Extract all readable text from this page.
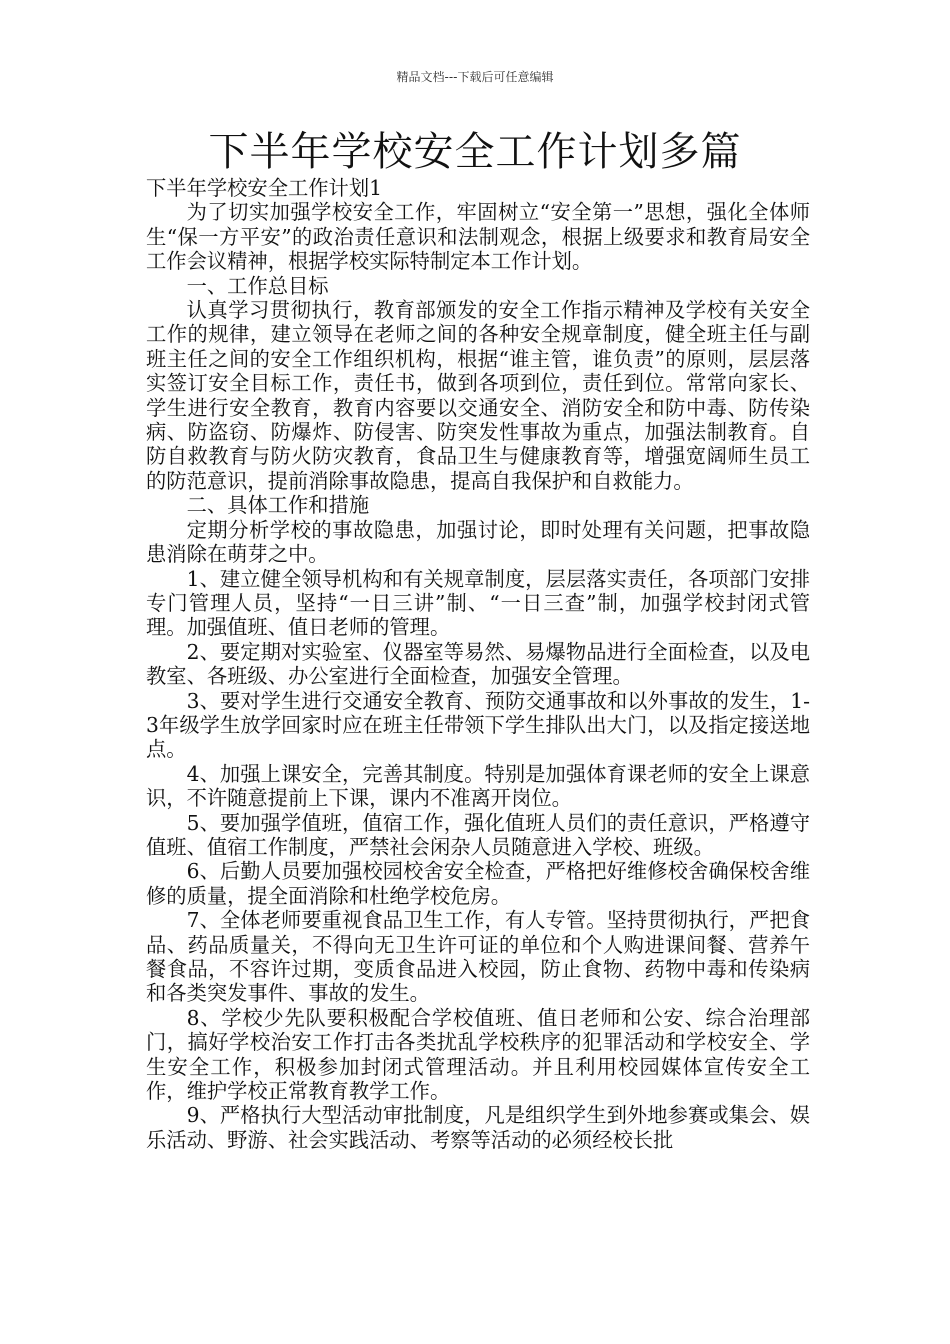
精品文档---下载后可任意编辑
下半年学校安全工作计划多篇

下半年学校安全工作计划1

为了切实加强学校安全工作，牢固树立“安全第一”思想，强化全体师生“保一方平安”的政治责任意识和法制观念，根据上级要求和教育局安全工作会议精神，根据学校实际特制定本工作计划。

一、工作总目标

认真学习贯彻执行，教育部颁发的安全工作指示精神及学校有关安全工作的规律，建立领导在老师之间的各种安全规章制度，健全班主任与副班主任之间的安全工作组织机构，根据“谁主管，谁负责”的原则，层层落实签订安全目标工作，责任书，做到各项到位，责任到位。常常向家长、学生进行安全教育，教育内容要以交通安全、消防安全和防中毒、防传染病、防盗窃、防爆炸、防侵害、防突发性事故为重点，加强法制教育。自防自救教育与防火防灾教育，食品卫生与健康教育等，增强宽阔师生员工的防范意识，提前消除事故隐患，提高自我保护和自救能力。

二、具体工作和措施

定期分析学校的事故隐患，加强讨论，即时处理有关问题，把事故隐患消除在萌芽之中。

1、建立健全领导机构和有关规章制度，层层落实责任，各项部门安排专门管理人员，坚持“一日三讲”制、“一日三查”制，加强学校封闭式管理。加强值班、值日老师的管理。

2、要定期对实验室、仪器室等易然、易爆物品进行全面检查，以及电教室、各班级、办公室进行全面检查，加强安全管理。

3、要对学生进行交通安全教育、预防交通事故和以外事故的发生，1-3年级学生放学回家时应在班主任带领下学生排队出大门，以及指定接送地点。

4、加强上课安全，完善其制度。特别是加强体育课老师的安全上课意识，不许随意提前上下课，课内不准离开岗位。

5、要加强学值班，值宿工作，强化值班人员们的责任意识，严格遵守值班、值宿工作制度，严禁社会闲杂人员随意进入学校、班级。

6、后勤人员要加强校园校舍安全检查，严格把好维修校舍确保校舍维修的质量，提全面消除和杜绝学校危房。

7、全体老师要重视食品卫生工作，有人专管。坚持贯彻执行，严把食品、药品质量关，不得向无卫生许可证的单位和个人购进课间餐、营养午餐食品，不容许过期，变质食品进入校园，防止食物、药物中毒和传染病和各类突发事件、事故的发生。

8、学校少先队要积极配合学校值班、值日老师和公安、综合治理部门，搞好学校治安工作打击各类扰乱学校秩序的犯罪活动和学校安全、学生安全工作，积极参加封闭式管理活动。并且利用校园媒体宣传安全工作，维护学校正常教育教学工作。

9、严格执行大型活动审批制度，凡是组织学生到外地参赛或集会、娱乐活动、野游、社会实践活动、考察等活动的必须经校长批
